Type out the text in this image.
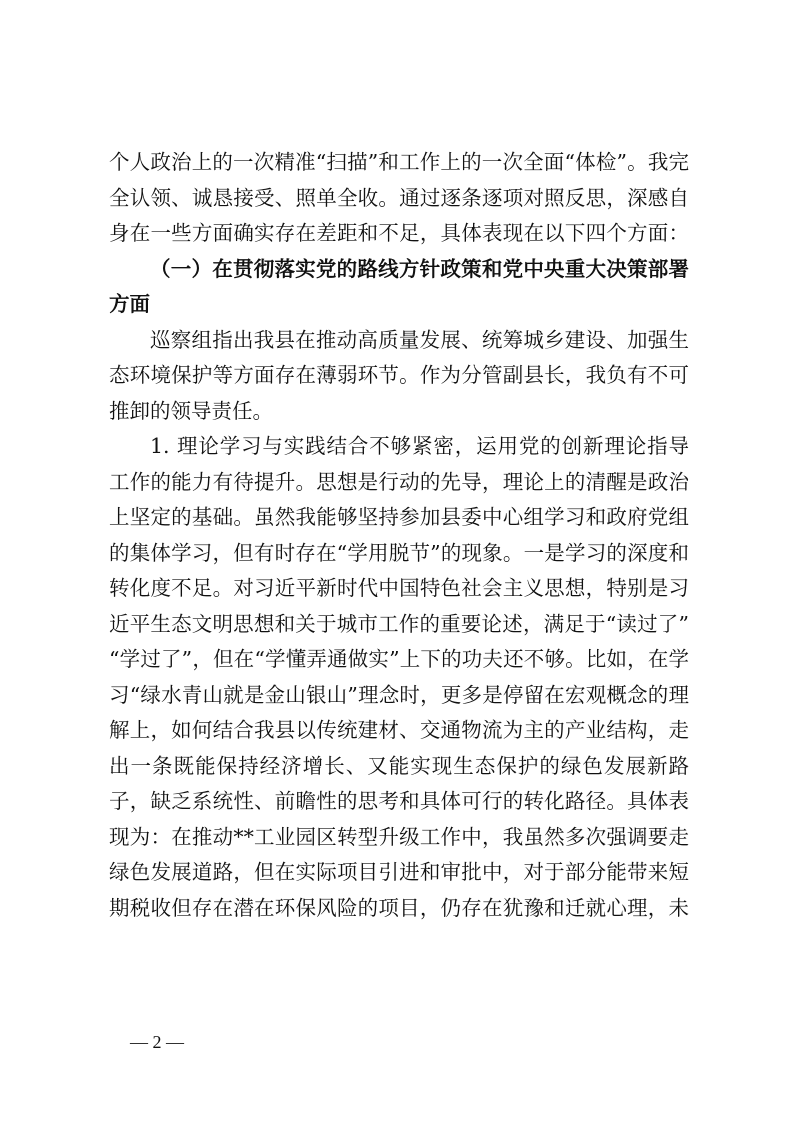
个人政治上的一次精准“扫描”和工作上的一次全面“体检”。我完
全认领、诚恳接受、照单全收。通过逐条逐项对照反思，深感自
身在一些方面确实存在差距和不足，具体表现在以下四个方面：
（一）在贯彻落实党的路线方针政策和党中央重大决策部署
方面
巡察组指出我县在推动高质量发展、统筹城乡建设、加强生
态环境保护等方面存在薄弱环节。作为分管副县长，我负有不可
推卸的领导责任。
1. 理论学习与实践结合不够紧密，运用党的创新理论指导
工作的能力有待提升。思想是行动的先导，理论上的清醒是政治
上坚定的基础。虽然我能够坚持参加县委中心组学习和政府党组
的集体学习，但有时存在“学用脱节”的现象。一是学习的深度和
转化度不足。对习近平新时代中国特色社会主义思想，特别是习
近平生态文明思想和关于城市工作的重要论述，满足于“读过了”
“学过了”，但在“学懂弄通做实”上下的功夫还不够。比如，在学
习“绿水青山就是金山银山”理念时，更多是停留在宏观概念的理
解上，如何结合我县以传统建材、交通物流为主的产业结构，走
出一条既能保持经济增长、又能实现生态保护的绿色发展新路
子，缺乏系统性、前瞻性的思考和具体可行的转化路径。具体表
现为：在推动**工业园区转型升级工作中，我虽然多次强调要走
绿色发展道路，但在实际项目引进和审批中，对于部分能带来短
期税收但存在潜在环保风险的项目，仍存在犹豫和迁就心理，未
— 2 —
